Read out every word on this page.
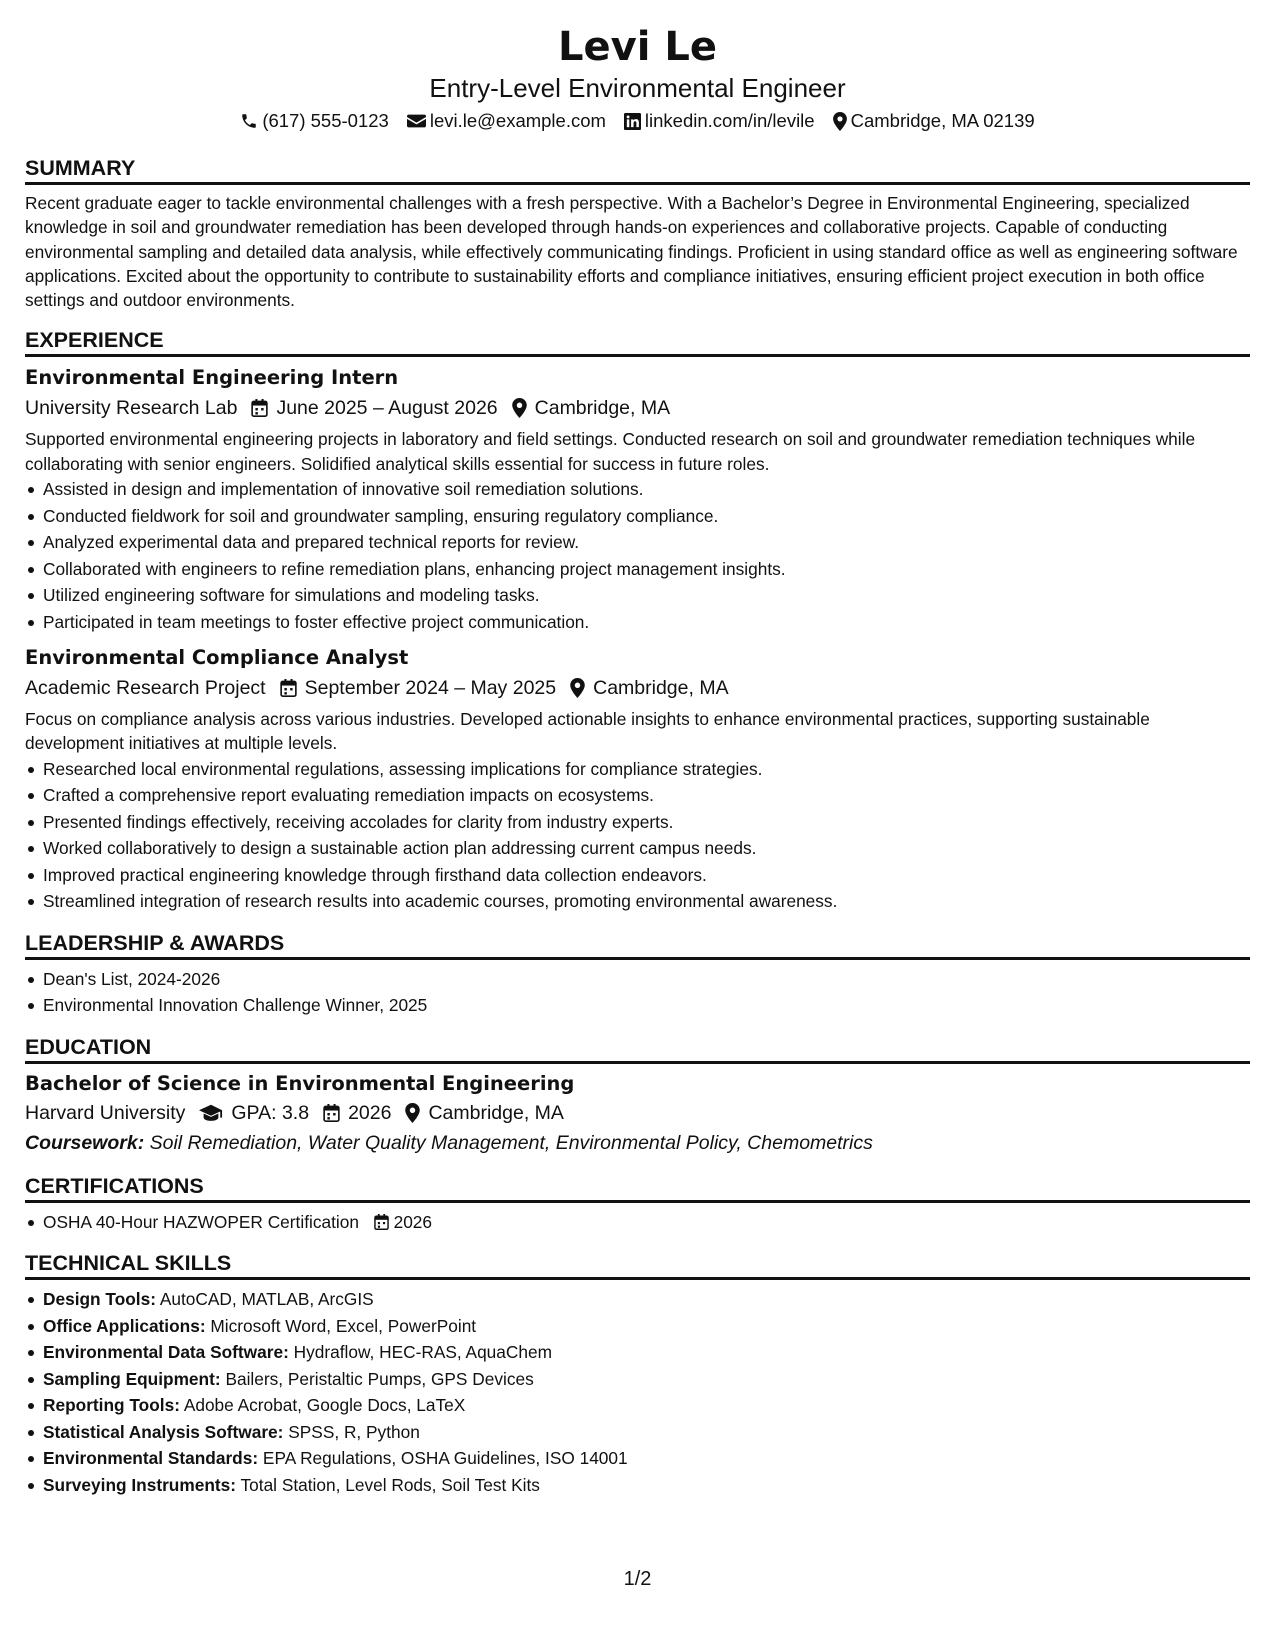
Levi Le
Entry-Level Environmental Engineer
(617) 555-0123 levi.le@example.com linkedin.com/in/levile Cambridge, MA 02139
SUMMARY
Recent graduate eager to tackle environmental challenges with a fresh perspective. With a Bachelor’s Degree in Environmental Engineering, specialized knowledge in soil and groundwater remediation has been developed through hands-on experiences and collaborative projects. Capable of conducting environmental sampling and detailed data analysis, while effectively communicating findings. Proficient in using standard office as well as engineering software applications. Excited about the opportunity to contribute to sustainability efforts and compliance initiatives, ensuring efficient project execution in both office settings and outdoor environments.
EXPERIENCE
Environmental Engineering Intern
University Research Lab June 2025 – August 2026 Cambridge, MA
Supported environmental engineering projects in laboratory and field settings. Conducted research on soil and groundwater remediation techniques while collaborating with senior engineers. Solidified analytical skills essential for success in future roles.
Assisted in design and implementation of innovative soil remediation solutions.
Conducted fieldwork for soil and groundwater sampling, ensuring regulatory compliance.
Analyzed experimental data and prepared technical reports for review.
Collaborated with engineers to refine remediation plans, enhancing project management insights.
Utilized engineering software for simulations and modeling tasks.
Participated in team meetings to foster effective project communication.
Environmental Compliance Analyst
Academic Research Project September 2024 – May 2025 Cambridge, MA
Focus on compliance analysis across various industries. Developed actionable insights to enhance environmental practices, supporting sustainable development initiatives at multiple levels.
Researched local environmental regulations, assessing implications for compliance strategies.
Crafted a comprehensive report evaluating remediation impacts on ecosystems.
Presented findings effectively, receiving accolades for clarity from industry experts.
Worked collaboratively to design a sustainable action plan addressing current campus needs.
Improved practical engineering knowledge through firsthand data collection endeavors.
Streamlined integration of research results into academic courses, promoting environmental awareness.
LEADERSHIP & AWARDS
Dean's List, 2024-2026
Environmental Innovation Challenge Winner, 2025
EDUCATION
Bachelor of Science in Environmental Engineering
Harvard University GPA: 3.8 2026 Cambridge, MA
Coursework: Soil Remediation, Water Quality Management, Environmental Policy, Chemometrics
CERTIFICATIONS
OSHA 40-Hour HAZWOPER Certification 2026
TECHNICAL SKILLS
Design Tools: AutoCAD, MATLAB, ArcGIS
Office Applications: Microsoft Word, Excel, PowerPoint
Environmental Data Software: Hydraflow, HEC-RAS, AquaChem
Sampling Equipment: Bailers, Peristaltic Pumps, GPS Devices
Reporting Tools: Adobe Acrobat, Google Docs, LaTeX
Statistical Analysis Software: SPSS, R, Python
Environmental Standards: EPA Regulations, OSHA Guidelines, ISO 14001
Surveying Instruments: Total Station, Level Rods, Soil Test Kits
1/2
